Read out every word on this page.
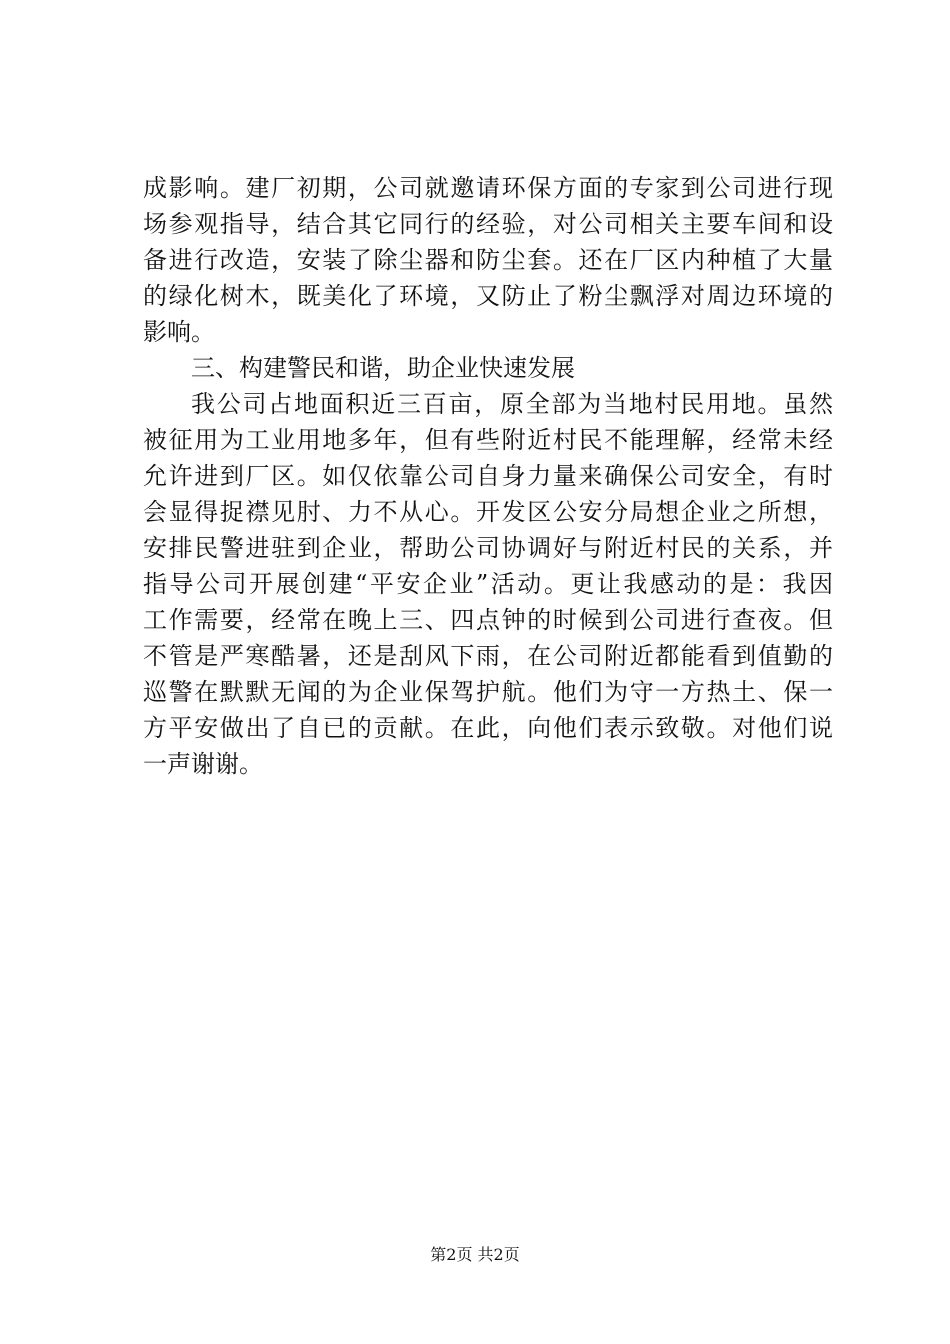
成影响。建厂初期，公司就邀请环保方面的专家到公司进行现
场参观指导，结合其它同行的经验，对公司相关主要车间和设
备进行改造，安装了除尘器和防尘套。还在厂区内种植了大量
的绿化树木，既美化了环境，又防止了粉尘飘浮对周边环境的
影响。
三、构建警民和谐，助企业快速发展
我公司占地面积近三百亩，原全部为当地村民用地。虽然
被征用为工业用地多年，但有些附近村民不能理解，经常未经
允许进到厂区。如仅依靠公司自身力量来确保公司安全，有时
会显得捉襟见肘、力不从心。开发区公安分局想企业之所想，
安排民警进驻到企业，帮助公司协调好与附近村民的关系，并
指导公司开展创建“平安企业”活动。更让我感动的是：我因
工作需要，经常在晚上三、四点钟的时候到公司进行查夜。但
不管是严寒酷暑，还是刮风下雨，在公司附近都能看到值勤的
巡警在默默无闻的为企业保驾护航。他们为守一方热土、保一
方平安做出了自已的贡献。在此，向他们表示致敬。对他们说
一声谢谢。
第2页 共2页
